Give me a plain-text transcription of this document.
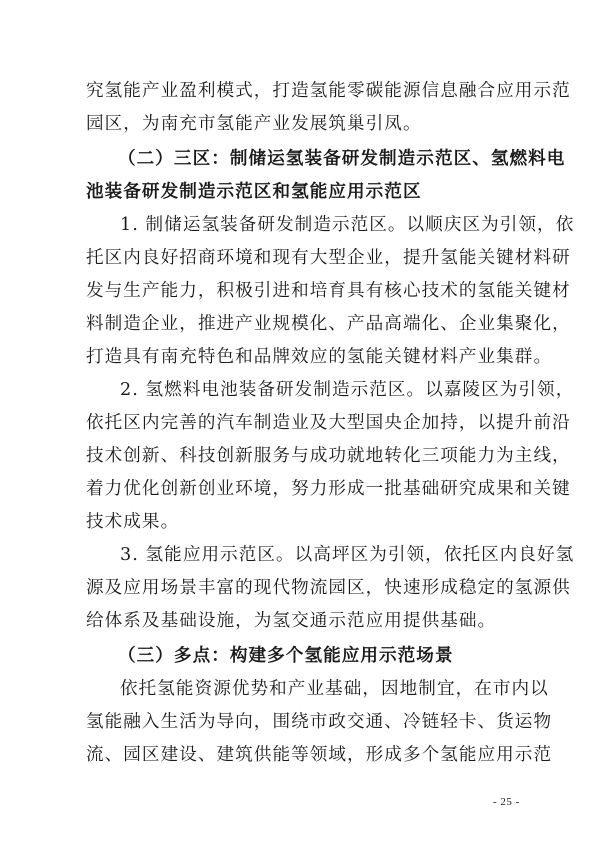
究氢能产业盈利模式，打造氢能零碳能源信息融合应用示范
园区，为南充市氢能产业发展筑巢引凤。
（二）三区：制储运氢装备研发制造示范区、氢燃料电
池装备研发制造示范区和氢能应用示范区
1. 制储运氢装备研发制造示范区。以顺庆区为引领，依
托区内良好招商环境和现有大型企业，提升氢能关键材料研
发与生产能力，积极引进和培育具有核心技术的氢能关键材
料制造企业，推进产业规模化、产品高端化、企业集聚化，
打造具有南充特色和品牌效应的氢能关键材料产业集群。
2. 氢燃料电池装备研发制造示范区。以嘉陵区为引领，
依托区内完善的汽车制造业及大型国央企加持，以提升前沿
技术创新、科技创新服务与成功就地转化三项能力为主线，
着力优化创新创业环境，努力形成一批基础研究成果和关键
技术成果。
3. 氢能应用示范区。以高坪区为引领，依托区内良好氢
源及应用场景丰富的现代物流园区，快速形成稳定的氢源供
给体系及基础设施，为氢交通示范应用提供基础。
（三）多点：构建多个氢能应用示范场景
依托氢能资源优势和产业基础，因地制宜，在市内以
氢能融入生活为导向，围绕市政交通、冷链轻卡、货运物
流、园区建设、建筑供能等领域，形成多个氢能应用示范
- 25 -
